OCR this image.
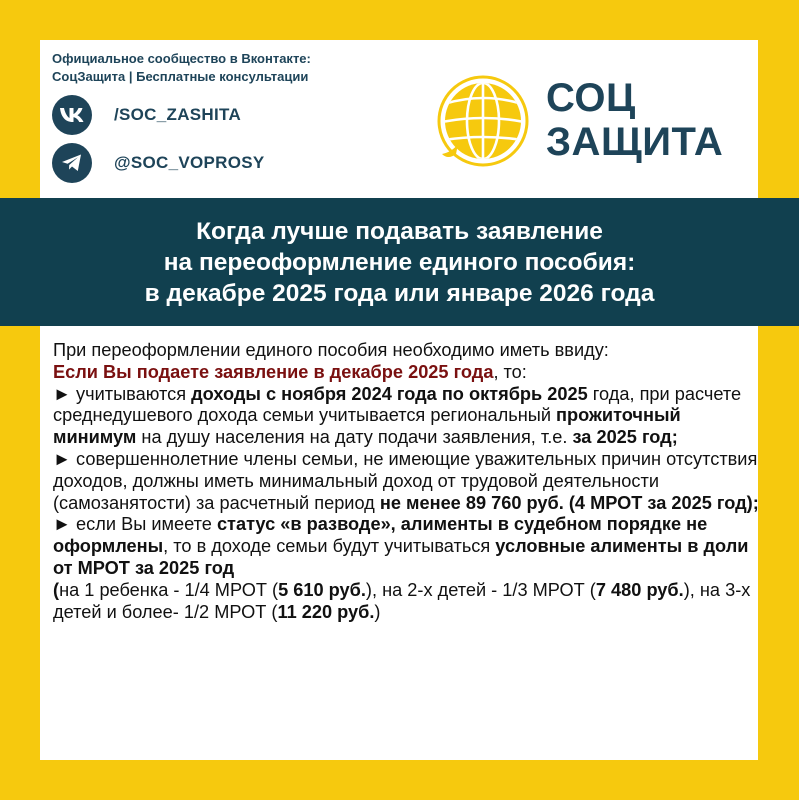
Официальное сообщество в Вконтакте:
СоцЗащита | Бесплатные консультации
/SOC_ZASHITA
@SOC_VOPROSY
СОЦ
ЗАЩИТА
Когда лучше подавать заявление
на переоформление единого пособия:
в декабре 2025 года или январе 2026 года
При переоформлении единого пособия необходимо иметь ввиду:
Если Вы подаете заявление в декабре 2025 года, то:
► учитываются доходы с ноября 2024 года по октябрь 2025 года, при расчете среднедушевого дохода семьи учитывается региональный прожиточный минимум на душу населения на дату подачи заявления, т.е. за 2025 год;
► совершеннолетние члены семьи, не имеющие уважительных причин отсутствия доходов, должны иметь минимальный доход от трудовой деятельности (самозанятости) за расчетный период не менее 89 760 руб. (4 МРОТ за 2025 год);
► если Вы имеете статус «в разводе», алименты в судебном порядке не оформлены, то в доходе семьи будут учитываться условные алименты в доли от МРОТ за 2025 год
(на 1 ребенка - 1/4 МРОТ (5 610 руб.), на 2-х детей - 1/3 МРОТ (7 480 руб.), на 3-х детей и более- 1/2 МРОТ (11 220 руб.)
